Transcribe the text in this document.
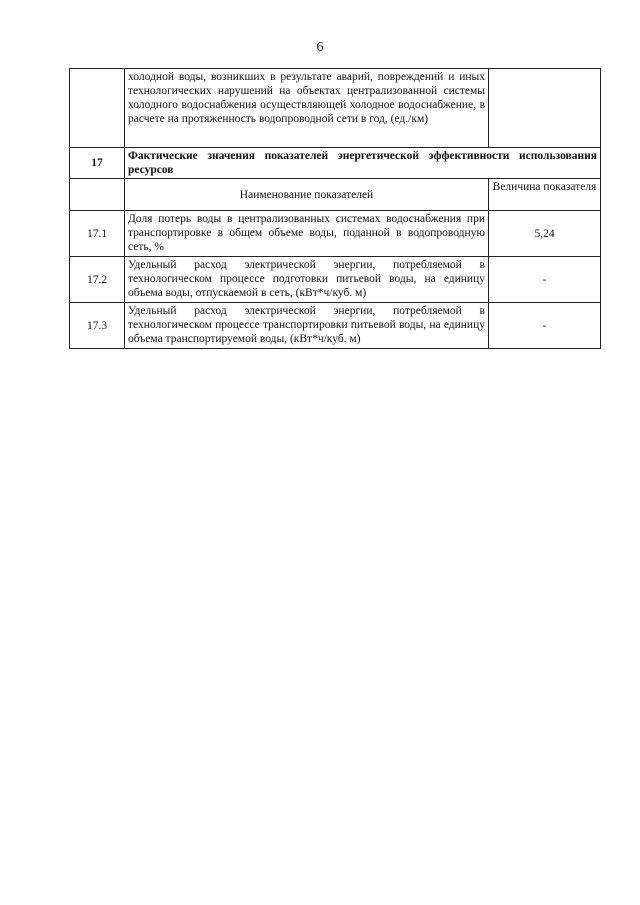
6
	холодной воды, возникших в результате аварий, повреждений и иных технологических нарушений на объектах централизованной системы холодного водоснабжения осуществляющей холодное водоснабжение, в расчете на протяженность водопроводной сети в год, (ед./км)	
17	Фактические значения показателей энергетической эффективности использования ресурсов	
	Наименование показателей	Величина показателя
17.1	Доля потерь воды в централизованных системах водоснабжения при транспортировке в общем объеме воды, поданной в водопроводную сеть, %	5,24
17.2	Удельный расход электрической энергии, потребляемой в технологическом процессе подготовки питьевой воды, на единицу объема воды, отпускаемой в сеть, (кВт*ч/куб. м)	-
17.3	Удельный расход электрической энергии, потребляемой в технологическом процессе транспортировки питьевой воды, на единицу объема транспортируемой воды, (кВт*ч/куб. м)	-
